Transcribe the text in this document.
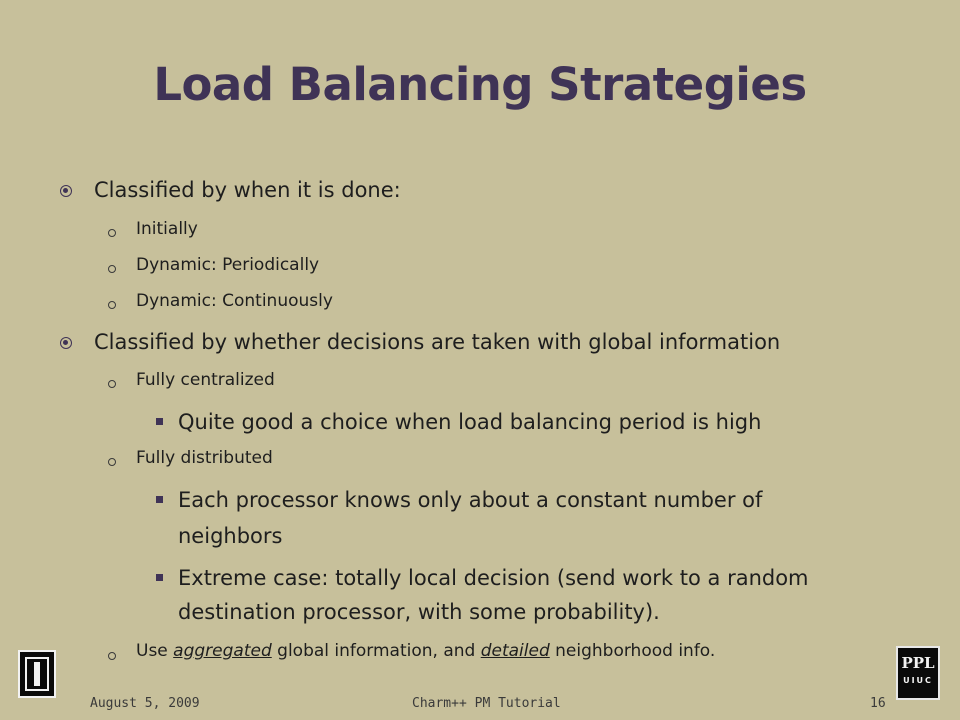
Load Balancing Strategies
Classified by when it is done:
Initially
Dynamic: Periodically
Dynamic: Continuously
Classified by whether decisions are taken with global information
Fully centralized
Quite good a choice when load balancing period is high
Fully distributed
Each processor knows only about a constant number of
neighbors
Extreme case: totally local decision (send work to a random
destination processor, with some probability).
Use aggregated global information, and detailed neighborhood info.
PPL
UIUC
August 5, 2009	Charm++ PM Tutorial	16
